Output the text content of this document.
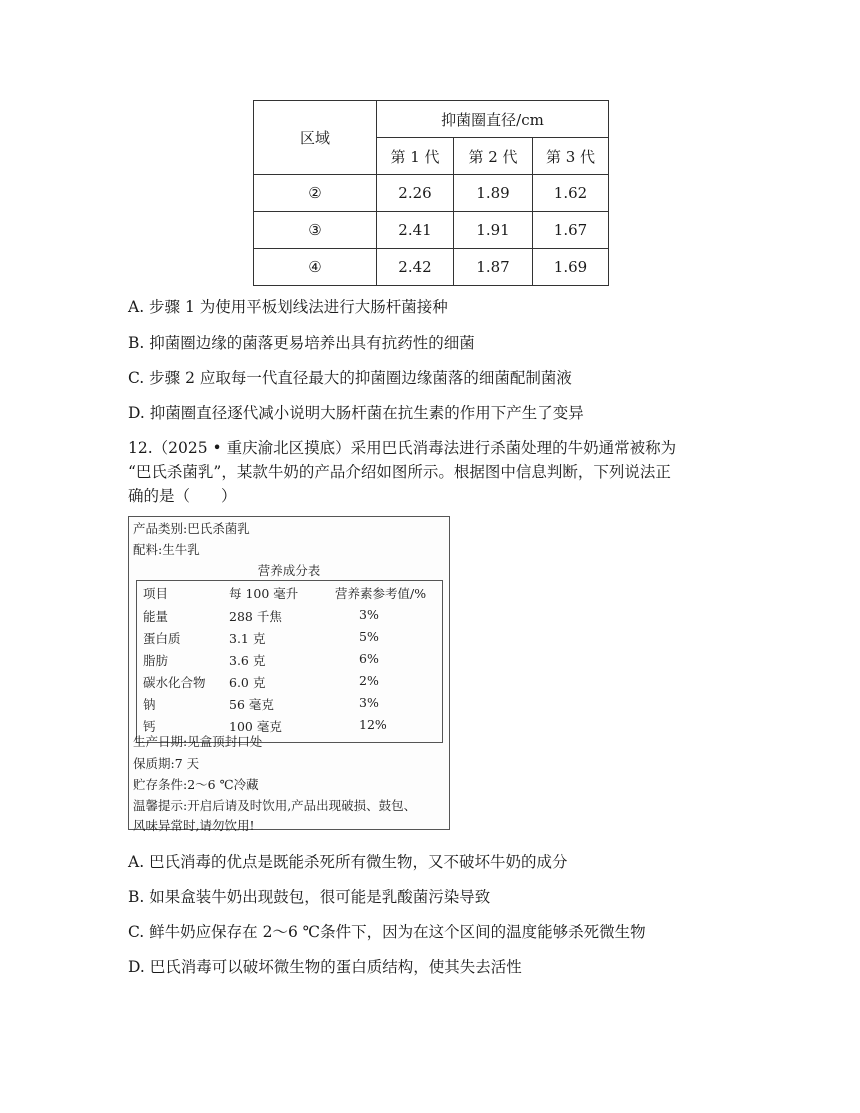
区域	抑菌圈直径/cm		
	第 1 代	第 2 代	第 3 代
②	2.26	1.89	1.62
③	2.41	1.91	1.67
④	2.42	1.87	1.69
A. 步骤 1 为使用平板划线法进行大肠杆菌接种
B. 抑菌圈边缘的菌落更易培养出具有抗药性的细菌
C. 步骤 2 应取每一代直径最大的抑菌圈边缘菌落的细菌配制菌液
D. 抑菌圈直径逐代减小说明大肠杆菌在抗生素的作用下产生了变异
12.（2025 • 重庆渝北区摸底）采用巴氏消毒法进行杀菌处理的牛奶通常被称为
“巴氏杀菌乳”，某款牛奶的产品介绍如图所示。根据图中信息判断，下列说法正
确的是（　　）
产品类别:巴氏杀菌乳
配料:生牛乳
营养成分表
项目	每 100 毫升	营养素参考值/%
能量	288 千焦	3%
蛋白质	3.1 克	5%
脂肪	3.6 克	6%
碳水化合物 6.0 克	2%
钠	56 毫克	3%
钙	100 毫克	12%
生产日期:见盒顶封口处
保质期:7 天
贮存条件:2～6 ℃冷藏
温馨提示:开启后请及时饮用,产品出现破损、鼓包、
风味异常时,请勿饮用!
A. 巴氏消毒的优点是既能杀死所有微生物，又不破坏牛奶的成分
B. 如果盒装牛奶出现鼓包，很可能是乳酸菌污染导致
C. 鲜牛奶应保存在 2～6 ℃条件下，因为在这个区间的温度能够杀死微生物
D. 巴氏消毒可以破坏微生物的蛋白质结构，使其失去活性
